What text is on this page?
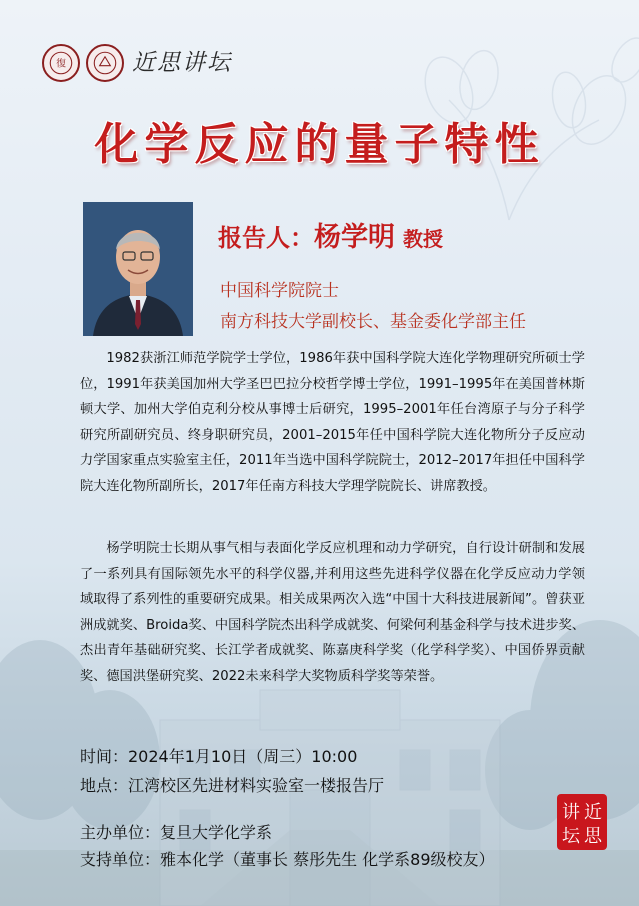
復	近思讲坛
化学反应的量子特性
报告人：杨学明 教授
中国科学院院士
南方科技大学副校长、基金委化学部主任
1982获浙江师范学院学士学位，1986年获中国科学院大连化学物理研究所硕士学位，1991年获美国加州大学圣巴巴拉分校哲学博士学位，1991–1995年在美国普林斯顿大学、加州大学伯克利分校从事博士后研究，1995–2001年任台湾原子与分子科学研究所副研究员、终身职研究员，2001–2015年任中国科学院大连化物所分子反应动力学国家重点实验室主任，2011年当选中国科学院院士，2012–2017年担任中国科学院大连化物所副所长，2017年任南方科技大学理学院院长、讲席教授。
杨学明院士长期从事气相与表面化学反应机理和动力学研究，自行设计研制和发展了一系列具有国际领先水平的科学仪器,并利用这些先进科学仪器在化学反应动力学领域取得了系列性的重要研究成果。相关成果两次入选“中国十大科技进展新闻”。曾获亚洲成就奖、Broida奖、中国科学院杰出科学成就奖、何梁何利基金科学与技术进步奖、杰出青年基础研究奖、长江学者成就奖、陈嘉庚科学奖（化学科学奖）、中国侨界贡献奖、德国洪堡研究奖、2022未来科学大奖物质科学奖等荣誉。
时间：2024年1月10日（周三）10:00
地点：江湾校区先进材料实验室一楼报告厅
主办单位：复旦大学化学系
支持单位：雅本化学（董事长 蔡彤先生 化学系89级校友）
近
思
讲
坛
